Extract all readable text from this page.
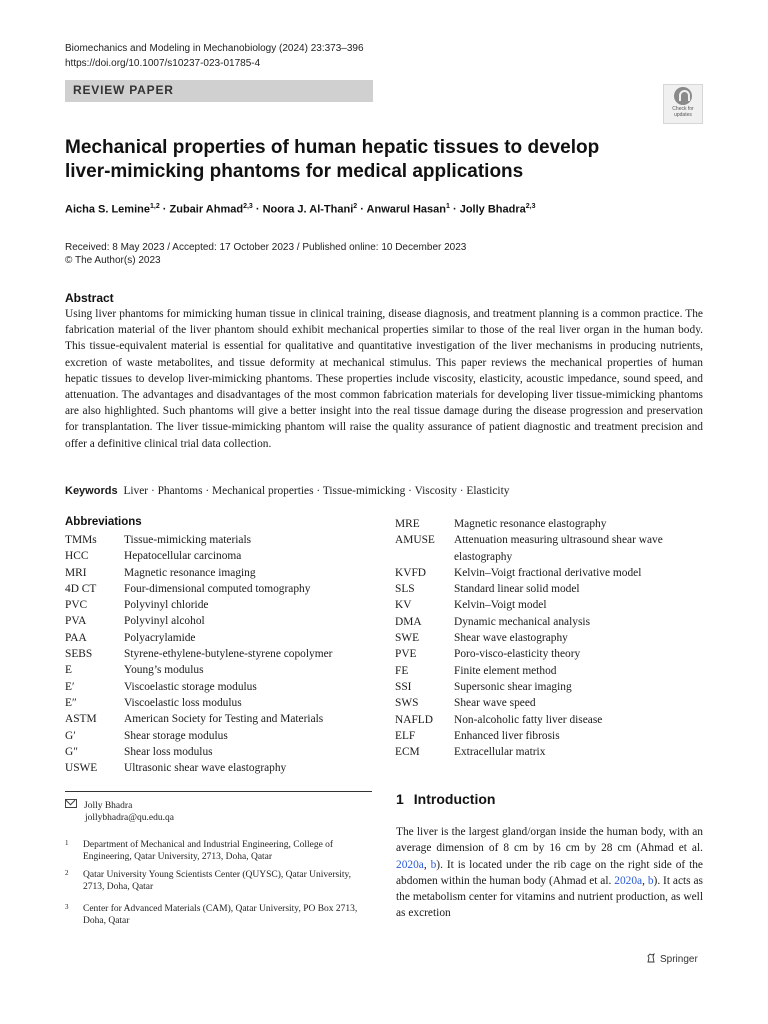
Biomechanics and Modeling in Mechanobiology (2024) 23:373–396
https://doi.org/10.1007/s10237-023-01785-4
REVIEW PAPER
Check for
updates
Mechanical properties of human hepatic tissues to develop liver-mimicking phantoms for medical applications
Aicha S. Lemine$^{1,2}$ · Zubair Ahmad$^{2,3}$ · Noora J. Al-Thani$^2$ · Anwarul Hasan$^1$ · Jolly Bhadra$^{2,3}$
Received: 8 May 2023 / Accepted: 17 October 2023 / Published online: 10 December 2023
© The Author(s) 2023
Abstract
Using liver phantoms for mimicking human tissue in clinical training, disease diagnosis, and treatment planning is a common practice. The fabrication material of the liver phantom should exhibit mechanical properties similar to those of the real liver organ in the human body. This tissue-equivalent material is essential for qualitative and quantitative investigation of the liver mechanisms in producing nutrients, excretion of waste metabolites, and tissue deformity at mechanical stimulus. This paper reviews the mechanical properties of human hepatic tissues to develop liver-mimicking phantoms. These properties include viscosity, elasticity, acoustic impedance, sound speed, and attenuation. The advantages and disadvantages of the most common fabrication materials for developing liver tissue-mimicking phantoms are also highlighted. Such phantoms will give a better insight into the real tissue damage during the disease progression and preservation for transplantation. The liver tissue-mimicking phantom will raise the quality assurance of patient diagnostic and treatment precision and offer a definitive clinical trial data collection.
Keywords Liver · Phantoms · Mechanical properties · Tissue-mimicking · Viscosity · Elasticity
Abbreviations
TMMs	Tissue-mimicking materials
HCC	Hepatocellular carcinoma
MRI	Magnetic resonance imaging
4D CT	Four-dimensional computed tomography
PVC	Polyvinyl chloride
PVA	Polyvinyl alcohol
PAA	Polyacrylamide
SEBS	Styrene-ethylene-butylene-styrene copolymer
E	Young’s modulus
E′	Viscoelastic storage modulus
E″	Viscoelastic loss modulus
ASTM	American Society for Testing and Materials
G′	Shear storage modulus
G″	Shear loss modulus
USWE	Ultrasonic shear wave elastography
MRE	Magnetic resonance elastography
AMUSE	Attenuation measuring ultrasound shear wave elastography
KVFD	Kelvin–Voigt fractional derivative model
SLS	Standard linear solid model
KV	Kelvin–Voigt model
DMA	Dynamic mechanical analysis
SWE	Shear wave elastography
PVE	Poro-visco-elasticity theory
FE	Finite element method
SSI	Supersonic shear imaging
SWS	Shear wave speed
NAFLD	Non-alcoholic fatty liver disease
ELF	Enhanced liver fibrosis
ECM	Extracellular matrix
Jolly Bhadra
jollybhadra@qu.edu.qa
1 Department of Mechanical and Industrial Engineering, College of Engineering, Qatar University, 2713, Doha, Qatar
2 Qatar University Young Scientists Center (QUYSC), Qatar University, 2713, Doha, Qatar
3 Center for Advanced Materials (CAM), Qatar University, PO Box 2713, Doha, Qatar
1 Introduction
The liver is the largest gland/organ inside the human body, with an average dimension of 8 cm by 16 cm by 28 cm (Ahmad et al. 2020a, b). It is located under the rib cage on the right side of the abdomen within the human body (Ahmad et al. 2020a, b). It acts as the metabolism center for vitamins and nutrient production, as well as excretion
Springer
